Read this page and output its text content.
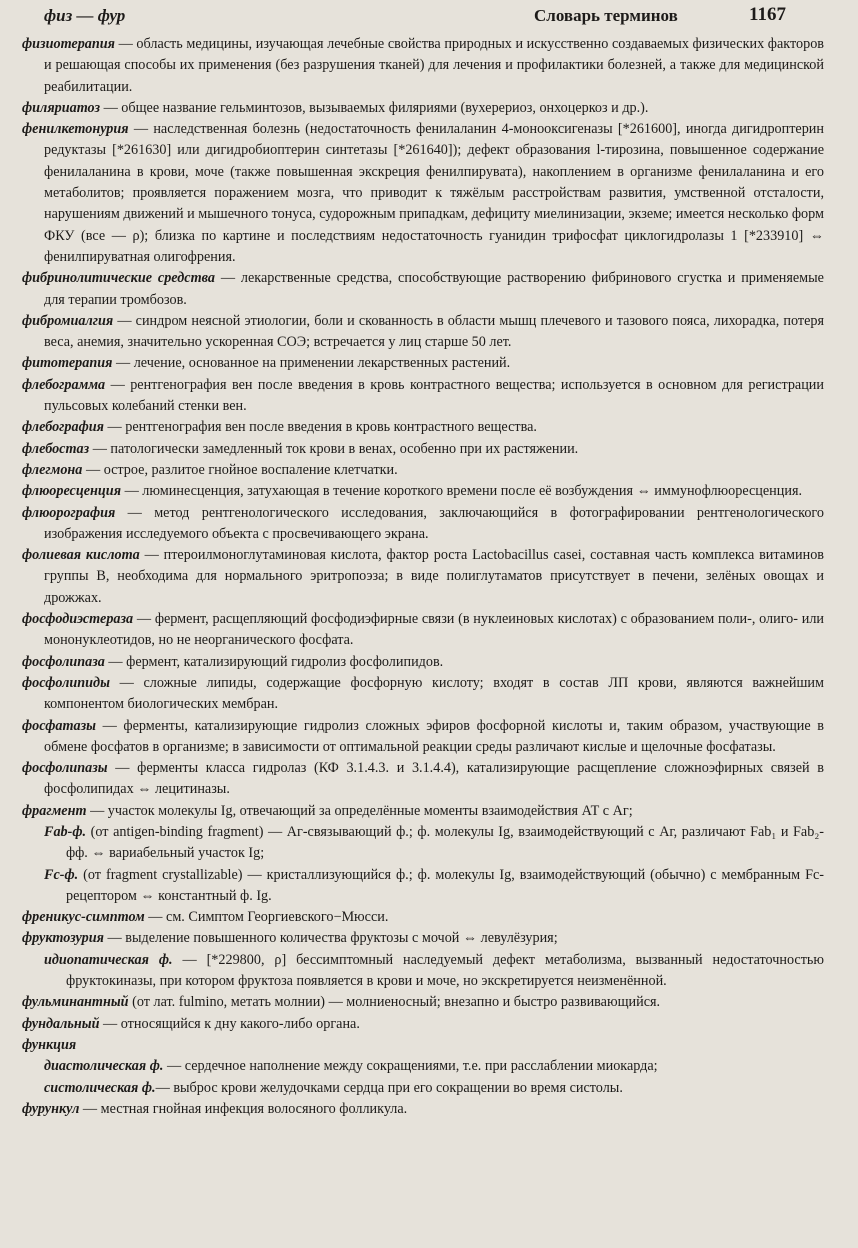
физ — фур	Словарь терминов	1167

физиотерапия — область медицины, изучающая лечебные свойства природных и искусственно создаваемых физических факторов и решающая способы их применения (без разрушения тканей) для лечения и профилактики болезней, а также для медицинской реабилитации.

филяриатоз — общее название гельминтозов, вызываемых филяриями (вухерериоз, онхоцеркоз и др.).

фенилкетонурия — наследственная болезнь (недостаточность фенилаланин 4-монооксигеназы [*261600], иногда дигидроптерин редуктазы [*261630] или дигидробиоптерин синтетазы [*261640]); дефект образования l-тирозина, повышенное содержание фенилаланина в крови, моче (также повышенная экскреция фенилпирувата), накоплением в организме фенилаланина и его метаболитов; проявляется поражением мозга, что приводит к тяжёлым расстройствам развития, умственной отсталости, нарушениям движений и мышечного тонуса, судорожным припадкам, дефициту миелинизации, экземе; имеется несколько форм ФКУ (все — ρ); близка по картине и последствиям недостаточность гуанидин трифосфат циклогидролазы 1 [*233910] ⇔ фенилпируватная олигофрения.

фибринолитические средства — лекарственные средства, способствующие растворению фибринового сгустка и применяемые для терапии тромбозов.

фибромиалгия — синдром неясной этиологии, боли и скованность в области мышц плечевого и тазового пояса, лихорадка, потеря веса, анемия, значительно ускоренная СОЭ; встречается у лиц старше 50 лет.

фитотерапия — лечение, основанное на применении лекарственных растений.

флебограмма — рентгенография вен после введения в кровь контрастного вещества; используется в основном для регистрации пульсовых колебаний стенки вен.

флебография — рентгенография вен после введения в кровь контрастного вещества.

флебостаз — патологически замедленный ток крови в венах, особенно при их растяжении.

флегмона — острое, разлитое гнойное воспаление клетчатки.

флюоресценция — люминесценция, затухающая в течение короткого времени после её возбуждения ⇔ иммунофлюоресценция.

флюорография — метод рентгенологического исследования, заключающийся в фотографировании рентгенологического изображения исследуемого объекта с просвечивающего экрана.

фолиевая кислота — птероилмоноглутаминовая кислота, фактор роста Lactobacillus casei, составная часть комплекса витаминов группы В, необходима для нормального эритропоэза; в виде полиглутаматов присутствует в печени, зелёных овощах и дрожжах.

фосфодиэстераза — фермент, расщепляющий фосфодиэфирные связи (в нуклеиновых кислотах) с образованием поли-, олиго- или мононуклеотидов, но не неорганического фосфата.

фосфолипаза — фермент, катализирующий гидролиз фосфолипидов.

фосфолипиды — сложные липиды, содержащие фосфорную кислоту; входят в состав ЛП крови, являются важнейшим компонентом биологических мембран.

фосфатазы — ферменты, катализирующие гидролиз сложных эфиров фосфорной кислоты и, таким образом, участвующие в обмене фосфатов в организме; в зависимости от оптимальной реакции среды различают кислые и щелочные фосфатазы.

фосфолипазы — ферменты класса гидролаз (КФ 3.1.4.3. и 3.1.4.4), катализирующие расщепление сложноэфирных связей в фосфолипидах ⇔ лецитиназы.

фрагмент — участок молекулы Ig, отвечающий за определённые моменты взаимодействия АТ с Аг;

Fab-ф. (от antigen-binding fragment) — Аг-связывающий ф.; ф. молекулы Ig, взаимодействующий с Аг, различают Fab₁ и Fab₂-фф. ⇔ вариабельный участок Ig;

Fc-ф. (от fragment crystallizable) — кристаллизующийся ф.; ф. молекулы Ig, взаимодействующий (обычно) с мембранным Fc-рецептором ⇔ константный ф. Ig.

френикус-симптом — см. Симптом Георгиевского−Мюсси.

фруктозурия — выделение повышенного количества фруктозы с мочой ⇔ левулёзурия;

идиопатическая ф. — [*229800, ρ] бессимптомный наследуемый дефект метаболизма, вызванный недостаточностью фруктокиназы, при котором фруктоза появляется в крови и моче, но экскретируется неизменённой.

фульминантный (от лат. fulmino, метать молнии) — молниеносный; внезапно и быстро развивающийся.

фундальный — относящийся к дну какого-либо органа.

функция

диастолическая ф. — сердечное наполнение между сокращениями, т.е. при расслаблении миокарда;

систолическая ф.— выброс крови желудочками сердца при его сокращении во время систолы.

фурункул — местная гнойная инфекция волосяного фолликула.
